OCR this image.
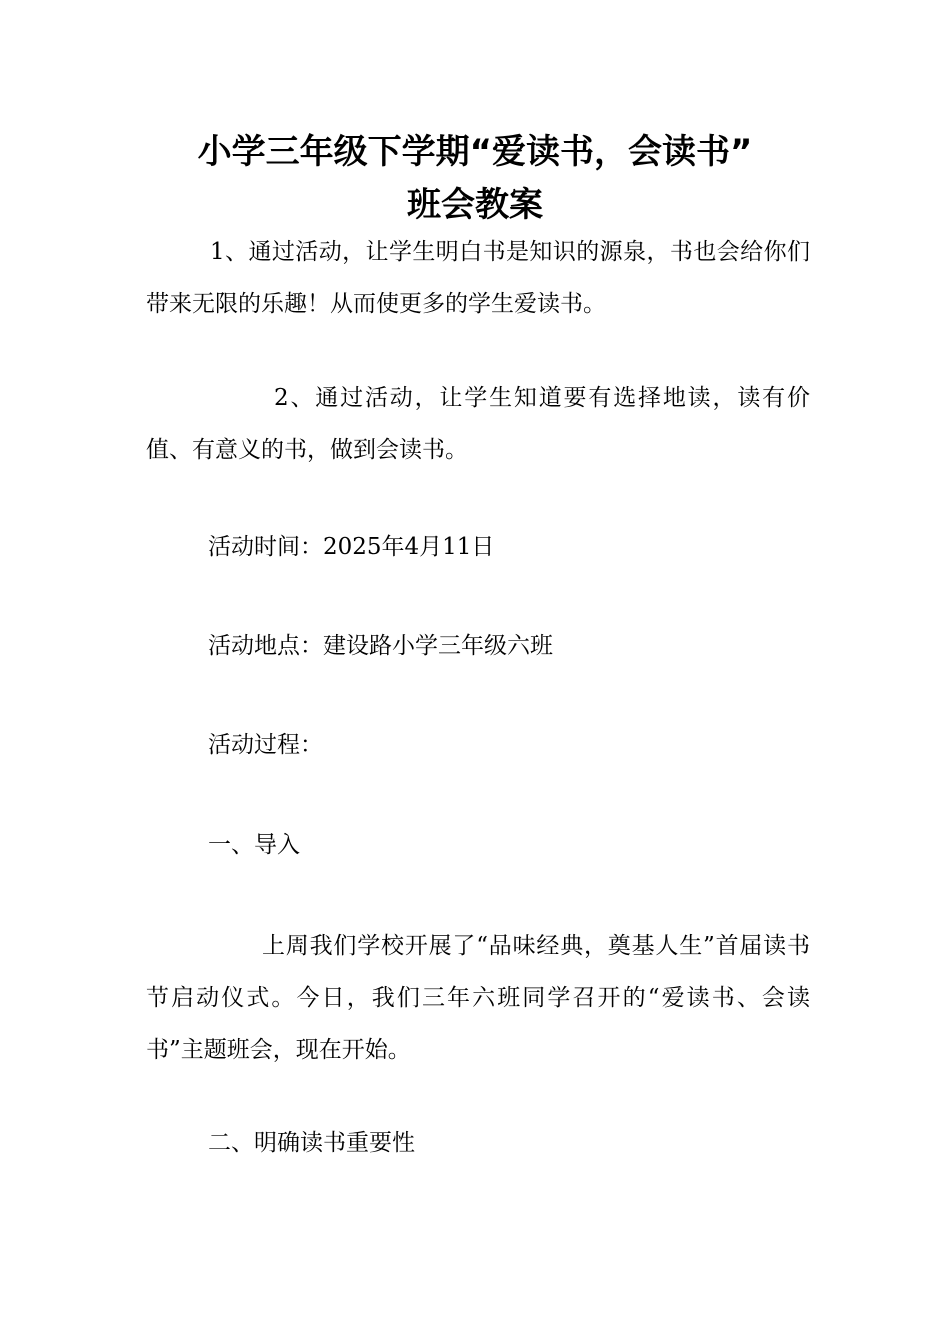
小学三年级下学期“爱读书，会读书”
班会教案
1、通过活动，让学生明白书是知识的源泉，书也会给你们带来无限的乐趣！从而使更多的学生爱读书。
2、通过活动，让学生知道要有选择地读，读有价值、有意义的书，做到会读书。
活动时间：2025年4月11日
活动地点：建设路小学三年级六班
活动过程：
一、导入
上周我们学校开展了“品味经典，奠基人生”首届读书节启动仪式。今日，我们三年六班同学召开的“爱读书、会读书”主题班会，现在开始。
二、明确读书重要性
